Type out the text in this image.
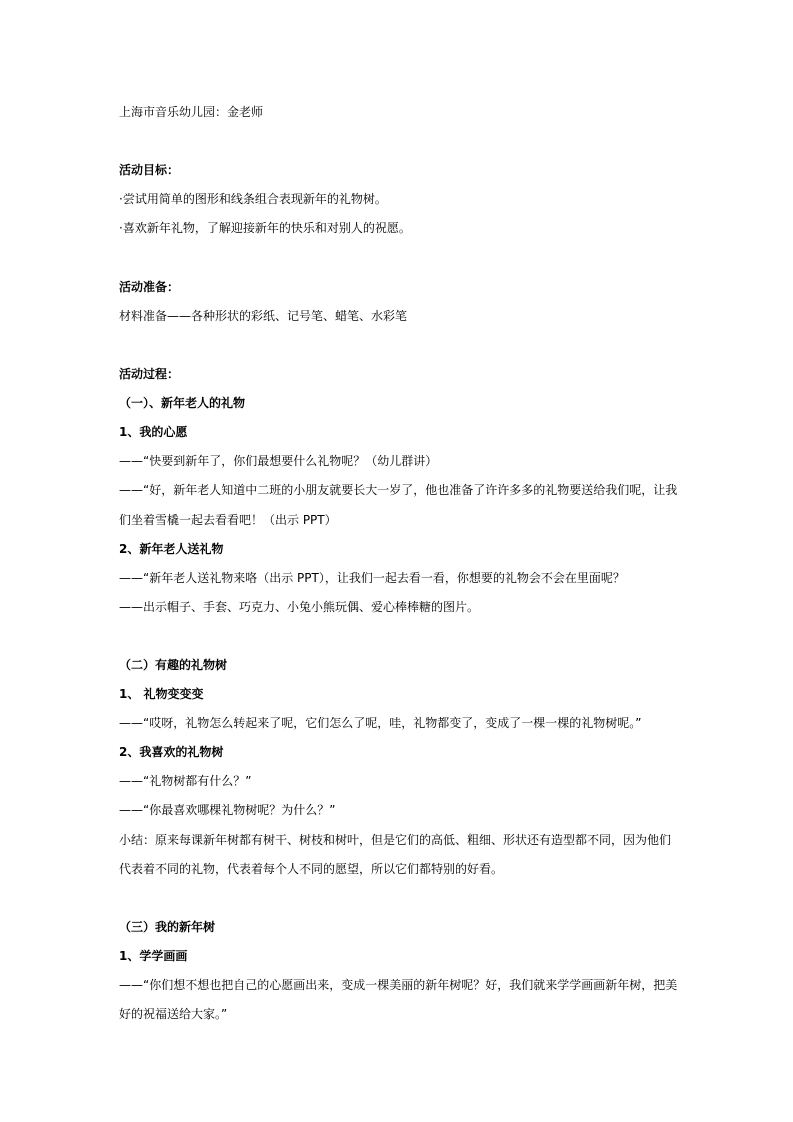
上海市音乐幼儿园：金老师
活动目标：
·尝试用简单的图形和线条组合表现新年的礼物树。
·喜欢新年礼物，了解迎接新年的快乐和对别人的祝愿。
活动准备：
材料准备——各种形状的彩纸、记号笔、蜡笔、水彩笔
活动过程：
（一）、新年老人的礼物
1、我的心愿
——“快要到新年了，你们最想要什么礼物呢？（幼儿群讲）
——“好，新年老人知道中二班的小朋友就要长大一岁了，他也准备了许许多多的礼物要送给我们呢，让我
们坐着雪橇一起去看看吧！（出示 PPT）
2、新年老人送礼物
——“新年老人送礼物来咯（出示 PPT），让我们一起去看一看，你想要的礼物会不会在里面呢？
——出示帽子、手套、巧克力、小兔小熊玩偶、爱心棒棒糖的图片。
（二）有趣的礼物树
1、 礼物变变变
——“哎呀，礼物怎么转起来了呢，它们怎么了呢，哇，礼物都变了，变成了一棵一棵的礼物树呢。”
2、我喜欢的礼物树
——“礼物树都有什么？”
——“你最喜欢哪棵礼物树呢？为什么？”
小结：原来每课新年树都有树干、树枝和树叶，但是它们的高低、粗细、形状还有造型都不同，因为他们
代表着不同的礼物，代表着每个人不同的愿望，所以它们都特别的好看。
（三）我的新年树
1、学学画画
——“你们想不想也把自己的心愿画出来，变成一棵美丽的新年树呢？好，我们就来学学画画新年树，把美
好的祝福送给大家。”
